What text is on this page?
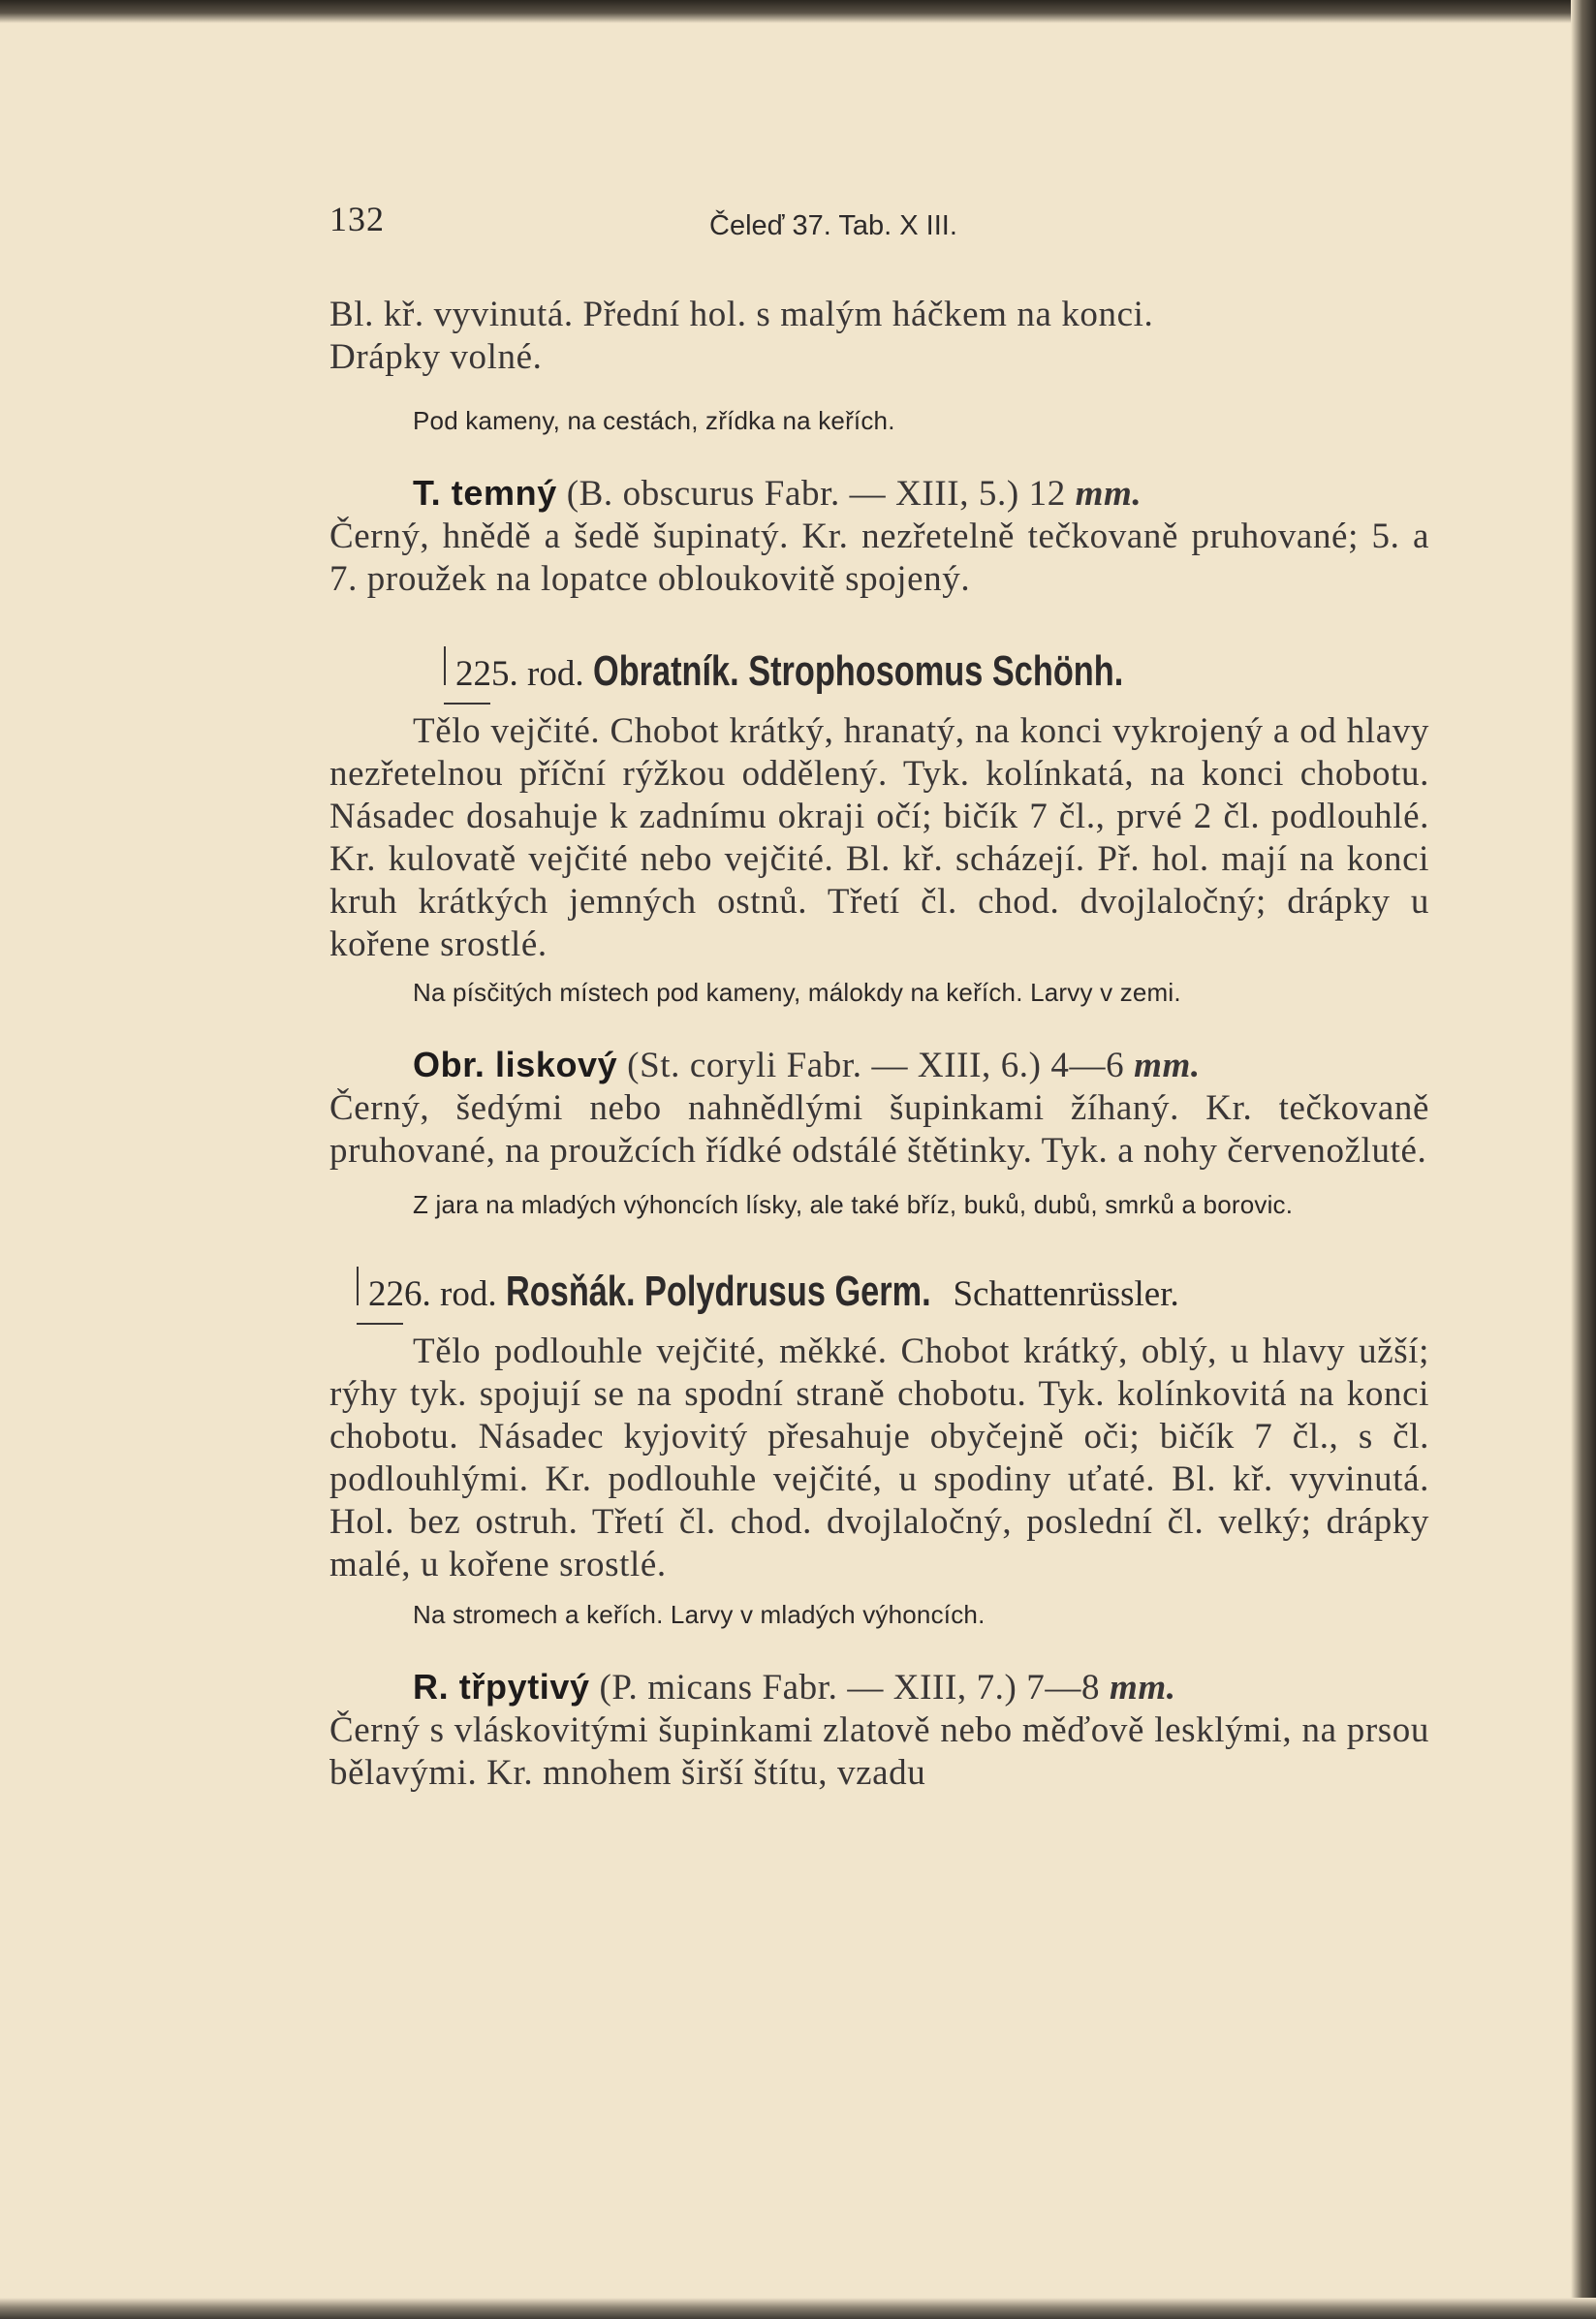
132	Čeleď 37. Tab. X III.

Bl. kř. vyvinutá. Přední hol. s malým háčkem na konci.

Drápky volné.

Pod kameny, na cestách, zřídka na keřích.

T. temný (B. obscurus Fabr. — XIII, 5.) 12 mm.

Černý, hnědě a šedě šupinatý. Kr. nezřetelně tečkovaně pruhované; 5. a 7. proužek na lopatce obloukovitě spojený.

225. rod. Obratník. Strophosomus Schönh.

Tělo vejčité. Chobot krátký, hranatý, na konci vykrojený a od hlavy nezřetelnou příční rýžkou oddělený. Tyk. kolínkatá, na konci chobotu. Násadec dosahuje k zadnímu okraji očí; bičík 7 čl., prvé 2 čl. podlouhlé. Kr. kulovatě vejčité nebo vejčité. Bl. kř. scházejí. Př. hol. mají na konci kruh krátkých jemných ostnů. Třetí čl. chod. dvojlaločný; drápky u kořene srostlé.

Na písčitých místech pod kameny, málokdy na keřích. Larvy v zemi.

Obr. liskový (St. coryli Fabr. — XIII, 6.) 4—6 mm.

Černý, šedými nebo nahnědlými šupinkami žíhaný. Kr. tečkovaně pruhované, na proužcích řídké odstálé štětinky. Tyk. a nohy červenožluté.

Z jara na mladých výhoncích lísky, ale také bříz, buků, dubů, smrků a borovic.

226. rod. Rosňák. Polydrusus Germ. Schattenrüssler.

Tělo podlouhle vejčité, měkké. Chobot krátký, oblý, u hlavy užší; rýhy tyk. spojují se na spodní straně chobotu. Tyk. kolínkovitá na konci chobotu. Násadec kyjovitý přesahuje obyčejně oči; bičík 7 čl., s čl. podlouhlými. Kr. podlouhle vejčité, u spodiny uťaté. Bl. kř. vyvinutá. Hol. bez ostruh. Třetí čl. chod. dvojlaločný, poslední čl. velký; drápky malé, u kořene srostlé.

Na stromech a keřích. Larvy v mladých výhoncích.

R. třpytivý (P. micans Fabr. — XIII, 7.) 7—8 mm.

Černý s vláskovitými šupinkami zlatově nebo měďově lesklými, na prsou bělavými. Kr. mnohem širší štítu, vzadu
